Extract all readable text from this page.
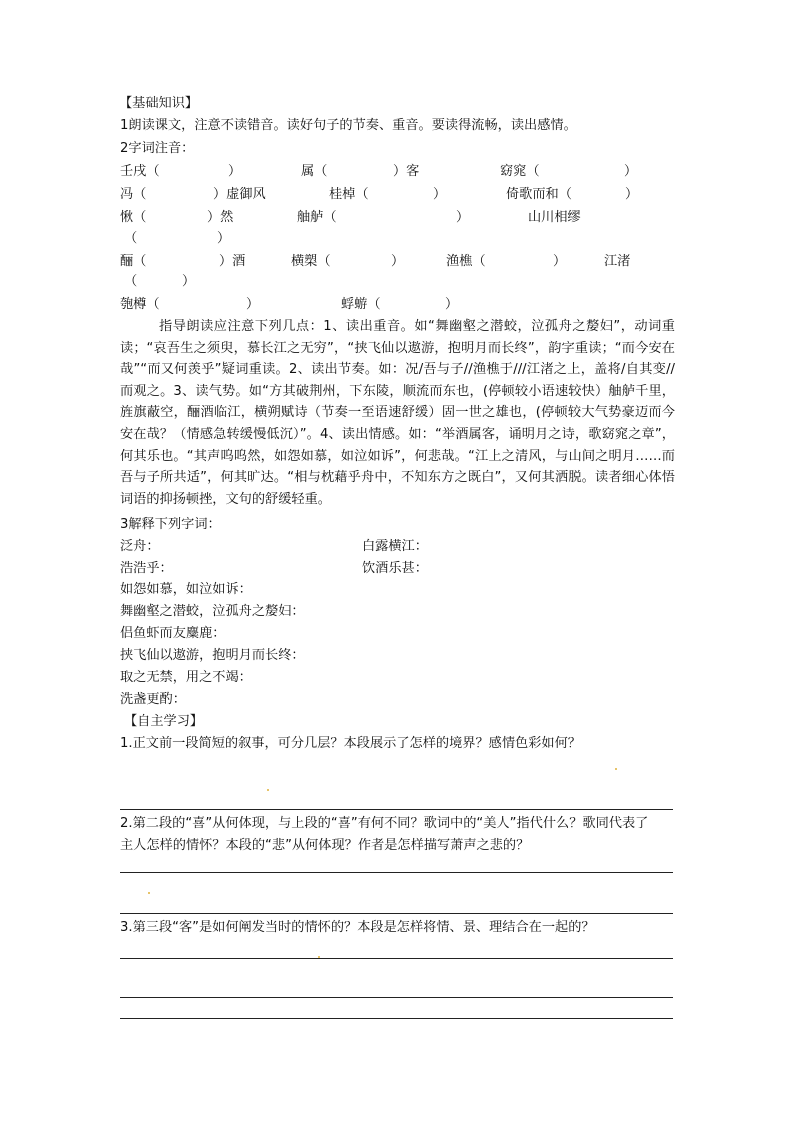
【基础知识】
1朗读课文，注意不读错音。读好句子的节奏、重音。要读得流畅，读出感情。
2字词注音：
壬戌（	）	属（	）客	窈窕（	）
冯（	）虚御风	桂棹（	）	倚歌而和（	）
愀（	）然	舳舻（	）	山川相缪
（	）
酾（	）酒	横槊（	）	渔樵（	）	江渚
（	）
匏樽（	）	蜉蝣（	）
指导朗读应注意下列几点：1、读出重音。如“舞幽壑之潜蛟，泣孤舟之嫠妇”，动词重读；“哀吾生之须臾，慕长江之无穷”，“挟飞仙以遨游，抱明月而长终”，韵字重读；“而今安在哉”“而又何羡乎”疑词重读。2、读出节奏。如：况/吾与子//渔樵于///江渚之上，盖将/自其变//而观之。3、读气势。如“方其破荆州，下东陵，顺流而东也，(停顿较小语速较快）舳舻千里，旌旗蔽空，酾酒临江，横朔赋诗（节奏一至语速舒缓）固一世之雄也，(停顿较大气势豪迈而今安在哉？（情感急转缓慢低沉）”。4、读出情感。如：“举酒属客，诵明月之诗，歌窈窕之章”，何其乐也。“其声呜呜然，如怨如慕，如泣如诉”，何悲哉。“江上之清风，与山间之明月……而吾与子所共适”，何其旷达。“相与枕藉乎舟中，不知东方之既白”，又何其洒脱。读者细心体悟词语的抑扬顿挫，文句的舒缓轻重。
3解释下列字词：
泛舟：	白露横江：
浩浩乎：	饮酒乐甚：
如怨如慕，如泣如诉：
舞幽壑之潜蛟，泣孤舟之嫠妇：
侣鱼虾而友麋鹿：
挟飞仙以遨游，抱明月而长终：
取之无禁，用之不竭：
洗盏更酌：
【自主学习】
1.正文前一段简短的叙事，可分几层？本段展示了怎样的境界？感情色彩如何？
2.第二段的“喜”从何体现，与上段的“喜”有何不同？歌词中的“美人”指代什么？歌同代表了
主人怎样的情怀？本段的“悲”从何体现？作者是怎样描写萧声之悲的？
3.第三段“客”是如何阐发当时的情怀的？本段是怎样将情、景、理结合在一起的？
